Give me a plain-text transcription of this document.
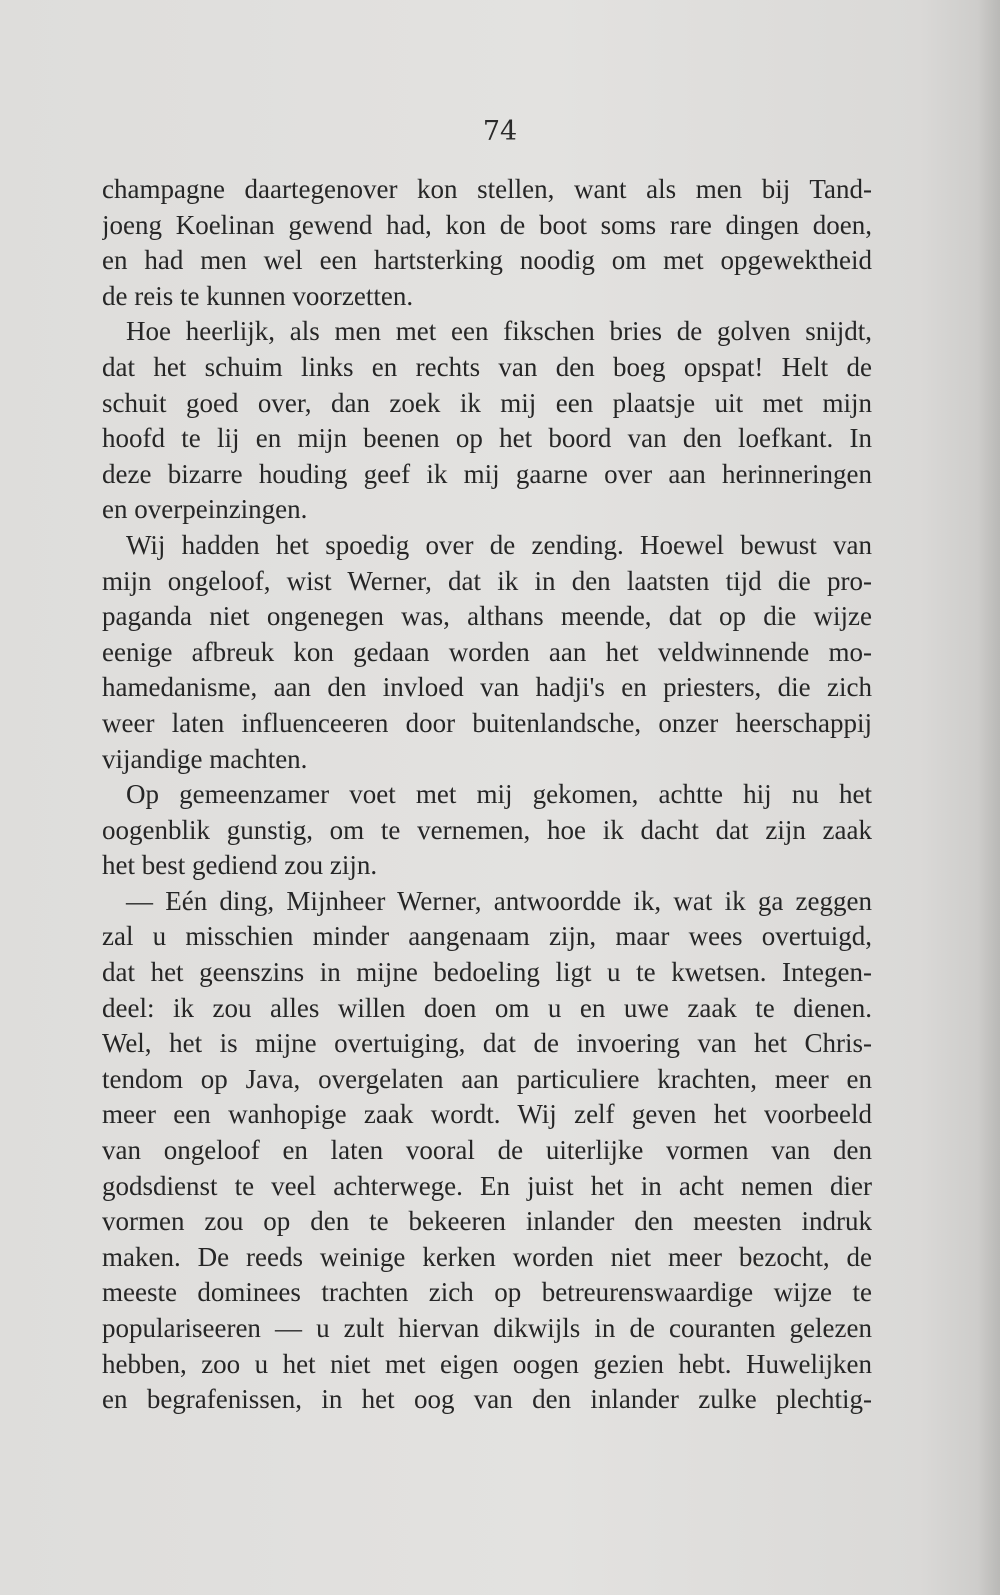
74

champagne daartegenover kon stellen, want als men bij Tand-

joeng Koelinan gewend had, kon de boot soms rare dingen doen,

en had men wel een hartsterking noodig om met opgewektheid

de reis te kunnen voorzetten.

Hoe heerlijk, als men met een fikschen bries de golven snijdt,

dat het schuim links en rechts van den boeg opspat! Helt de

schuit goed over, dan zoek ik mij een plaatsje uit met mijn

hoofd te lij en mijn beenen op het boord van den loefkant. In

deze bizarre houding geef ik mij gaarne over aan herinneringen

en overpeinzingen.

Wij hadden het spoedig over de zending. Hoewel bewust van

mijn ongeloof, wist Werner, dat ik in den laatsten tijd die pro-

paganda niet ongenegen was, althans meende, dat op die wijze

eenige afbreuk kon gedaan worden aan het veldwinnende mo-

hamedanisme, aan den invloed van hadji's en priesters, die zich

weer laten influenceeren door buitenlandsche, onzer heerschappij

vijandige machten.

Op gemeenzamer voet met mij gekomen, achtte hij nu het

oogenblik gunstig, om te vernemen, hoe ik dacht dat zijn zaak

het best gediend zou zijn.

— Eén ding, Mijnheer Werner, antwoordde ik, wat ik ga zeggen

zal u misschien minder aangenaam zijn, maar wees overtuigd,

dat het geenszins in mijne bedoeling ligt u te kwetsen. Integen-

deel: ik zou alles willen doen om u en uwe zaak te dienen.

Wel, het is mijne overtuiging, dat de invoering van het Chris-

tendom op Java, overgelaten aan particuliere krachten, meer en

meer een wanhopige zaak wordt. Wij zelf geven het voorbeeld

van ongeloof en laten vooral de uiterlijke vormen van den

godsdienst te veel achterwege. En juist het in acht nemen dier

vormen zou op den te bekeeren inlander den meesten indruk

maken. De reeds weinige kerken worden niet meer bezocht, de

meeste dominees trachten zich op betreurenswaardige wijze te

populariseeren — u zult hiervan dikwijls in de couranten gelezen

hebben, zoo u het niet met eigen oogen gezien hebt. Huwelijken

en begrafenissen, in het oog van den inlander zulke plechtig-
